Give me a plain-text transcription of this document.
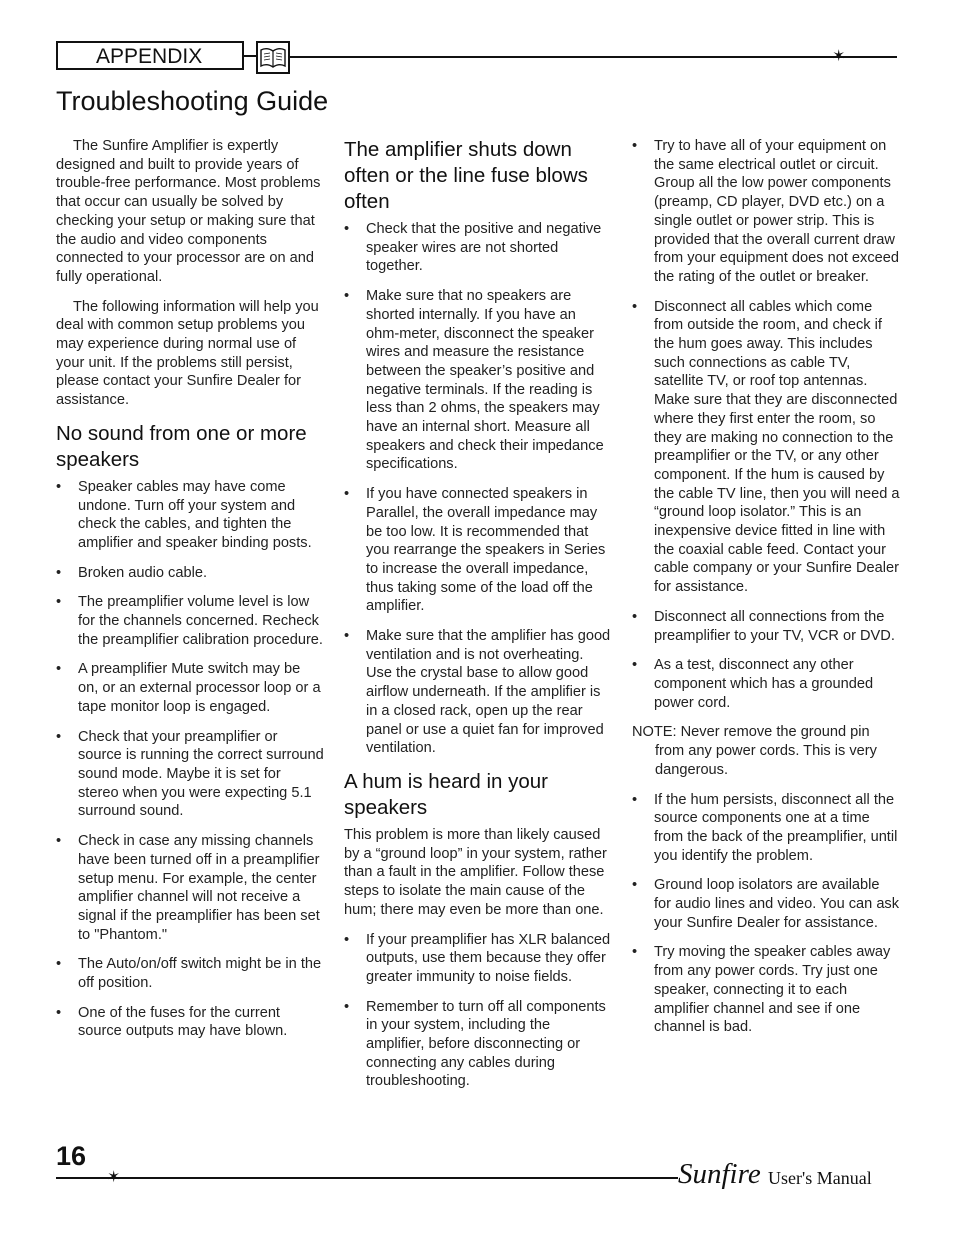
APPENDIX	✶
Troubleshooting Guide

The Sunfire Amplifier is expertly designed and built to provide years of trouble-free performance. Most problems that occur can usually be solved by checking your setup or making sure that the audio and video components connected to your processor are on and fully operational.

The following information will help you deal with common setup problems you may experience during normal use of your unit. If the problems still persist, please contact your Sunfire Dealer for assistance.

No sound from one or more speakers
• Speaker cables may have come undone. Turn off your system and check the cables, and tighten the amplifier and speaker binding posts.
• Broken audio cable.
• The preamplifier volume level is low for the channels concerned. Recheck the preamplifier calibration procedure.
• A preamplifier Mute switch may be on, or an external processor loop or a tape monitor loop is engaged.
• Check that your preamplifier or source is running the correct surround sound mode. Maybe it is set for stereo when you were expecting 5.1 surround sound.
• Check in case any missing channels have been turned off in a preamplifier setup menu. For example, the center amplifier channel will not receive a signal if the preamplifier has been set to "Phantom."
• The Auto/on/off switch might be in the off position.
• One of the fuses for the current source outputs may have blown.
The amplifier shuts down often or the line fuse blows often
• Check that the positive and negative speaker wires are not shorted together.
• Make sure that no speakers are shorted internally. If you have an ohm-meter, disconnect the speaker wires and measure the resistance between the speaker’s positive and negative terminals. If the reading is less than 2 ohms, the speakers may have an internal short. Measure all speakers and check their impedance specifications.
• If you have connected speakers in Parallel, the overall impedance may be too low. It is recommended that you rearrange the speakers in Series to increase the overall impedance, thus taking some of the load off the amplifier.
• Make sure that the amplifier has good ventilation and is not overheating. Use the crystal base to allow good airflow underneath. If the amplifier is in a closed rack, open up the rear panel or use a quiet fan for improved ventilation.
A hum is heard in your speakers

This problem is more than likely caused by a “ground loop” in your system, rather than a fault in the amplifier. Follow these steps to isolate the main cause of the hum; there may even be more than one.

• If your preamplifier has XLR balanced outputs, use them because they offer greater immunity to noise fields.
• Remember to turn off all components in your system, including the amplifier, before disconnecting or connecting any cables during troubleshooting.
• Try to have all of your equipment on the same electrical outlet or circuit. Group all the low power components (preamp, CD player, DVD etc.) on a single outlet or power strip. This is provided that the overall current draw from your equipment does not exceed the rating of the outlet or breaker.
• Disconnect all cables which come from outside the room, and check if the hum goes away. This includes such connections as cable TV, satellite TV, or roof top antennas. Make sure that they are disconnected where they first enter the room, so they are making no connection to the preamplifier or the TV, or any other component. If the hum is caused by the cable TV line, then you will need a “ground loop isolator.” This is an inexpensive device fitted in line with the coaxial cable feed. Contact your cable company or your Sunfire Dealer for assistance.
• Disconnect all connections from the preamplifier to your TV, VCR or DVD.
• As a test, disconnect any other component which has a grounded power cord.
NOTE: Never remove the ground pin from any power cords. This is very dangerous.
• If the hum persists, disconnect all the source components one at a time from the back of the preamplifier, until you identify the problem.
• Ground loop isolators are available for audio lines and video. You can ask your Sunfire Dealer for assistance.
• Try moving the speaker cables away from any power cords. Try just one speaker, connecting it to each amplifier channel and see if one channel is bad.
16
✶	Sunfire User's Manual
